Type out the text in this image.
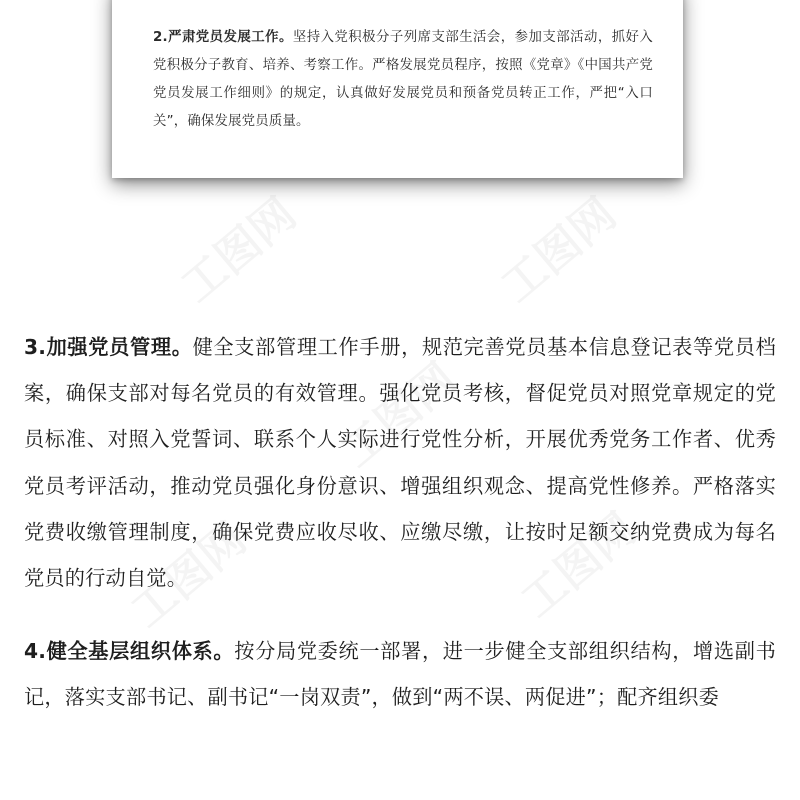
2.严肃党员发展工作。坚持入党积极分子列席支部生活会，参加支部活动，抓好入党积极分子教育、培养、考察工作。严格发展党员程序，按照《党章》《中国共产党党员发展工作细则》的规定，认真做好发展党员和预备党员转正工作，严把“入口关”，确保发展党员质量。

3.加强党员管理。健全支部管理工作手册，规范完善党员基本信息登记表等党员档案，确保支部对每名党员的有效管理。强化党员考核，督促党员对照党章规定的党员标准、对照入党誓词、联系个人实际进行党性分析，开展优秀党务工作者、优秀党员考评活动，推动党员强化身份意识、增强组织观念、提高党性修养。严格落实党费收缴管理制度，确保党费应收尽收、应缴尽缴，让按时足额交纳党费成为每名党员的行动自觉。

4.健全基层组织体系。按分局党委统一部署，进一步健全支部组织结构，增选副书记，落实支部书记、副书记“一岗双责”，做到“两不误、两促进”；配齐组织委
